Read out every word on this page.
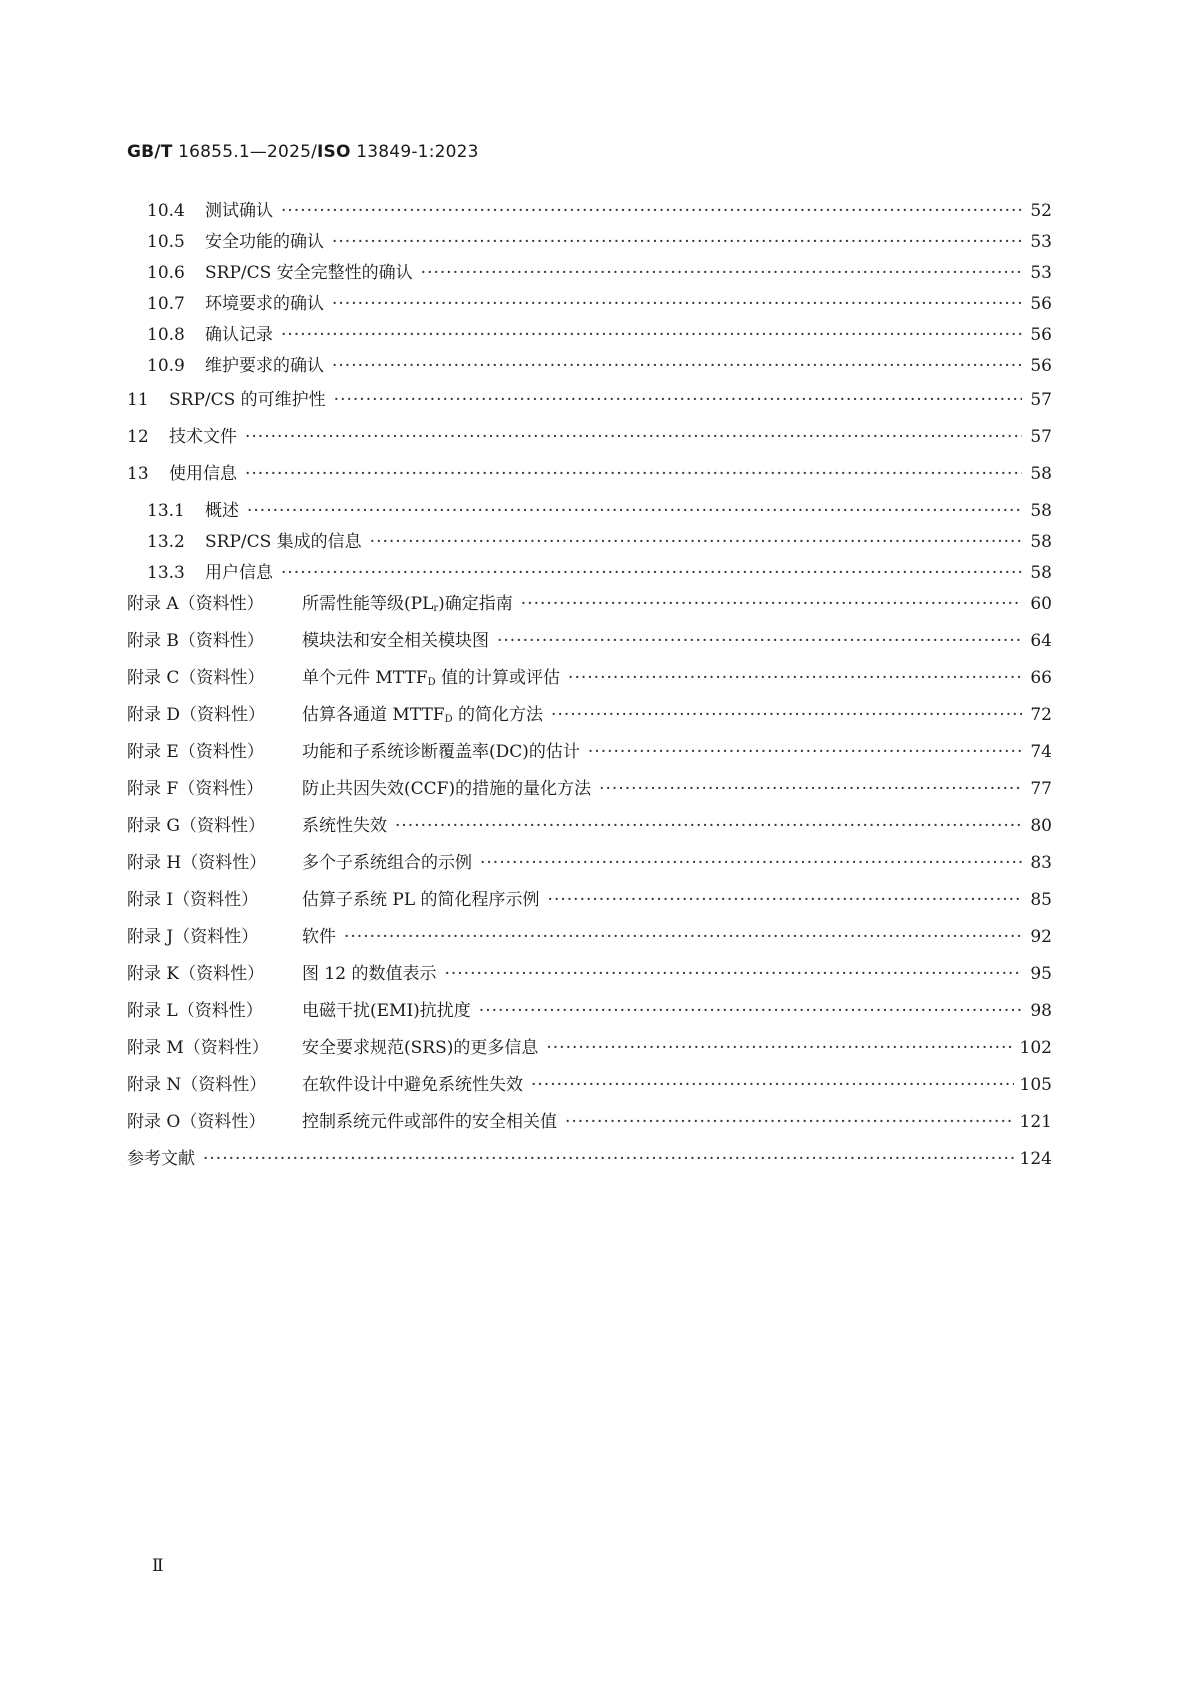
GB/T 16855.1—2025/ISO 13849-1:2023
10.4	测试确认 ·····	52
10.5	安全功能的确认 ·····	53
10.6	SRP/CS 安全完整性的确认 ·····	53
10.7	环境要求的确认 ·····	56
10.8	确认记录 ·····	56
10.9	维护要求的确认 ·····	56
11	SRP/CS 的可维护性 ·····	57
12	技术文件 ·····	57
13	使用信息 ·····	58
13.1	概述 ·····	58
13.2	SRP/CS 集成的信息 ·····	58
13.3	用户信息 ·····	58
附录 A（资料性）	所需性能等级$(PL_r)$确定指南 ·····	60
附录 B（资料性）	模块法和安全相关模块图 ·····	64
附录 C（资料性）	单个元件 $MTTF_D$ 值的计算或评估 ·····	66
附录 D（资料性）	估算各通道 $MTTF_D$ 的简化方法 ·····	72
附录 E（资料性）	功能和子系统诊断覆盖率(DC)的估计 ·····	74
附录 F（资料性）	防止共因失效(CCF)的措施的量化方法 ·····	77
附录 G（资料性）	系统性失效 ·····	80
附录 H（资料性）	多个子系统组合的示例 ·····	83
附录 I（资料性）	估算子系统 PL 的简化程序示例 ·····	85
附录 J（资料性）	软件 ·····	92
附录 K（资料性）	图 12 的数值表示 ·····	95
附录 L（资料性）	电磁干扰(EMI)抗扰度 ·····	98
附录 M（资料性）	安全要求规范(SRS)的更多信息 ·····	102
附录 N（资料性）	在软件设计中避免系统性失效 ·····	105
附录 O（资料性）	控制系统元件或部件的安全相关值 ·····	121
参考文献 ·····	124
Ⅱ
